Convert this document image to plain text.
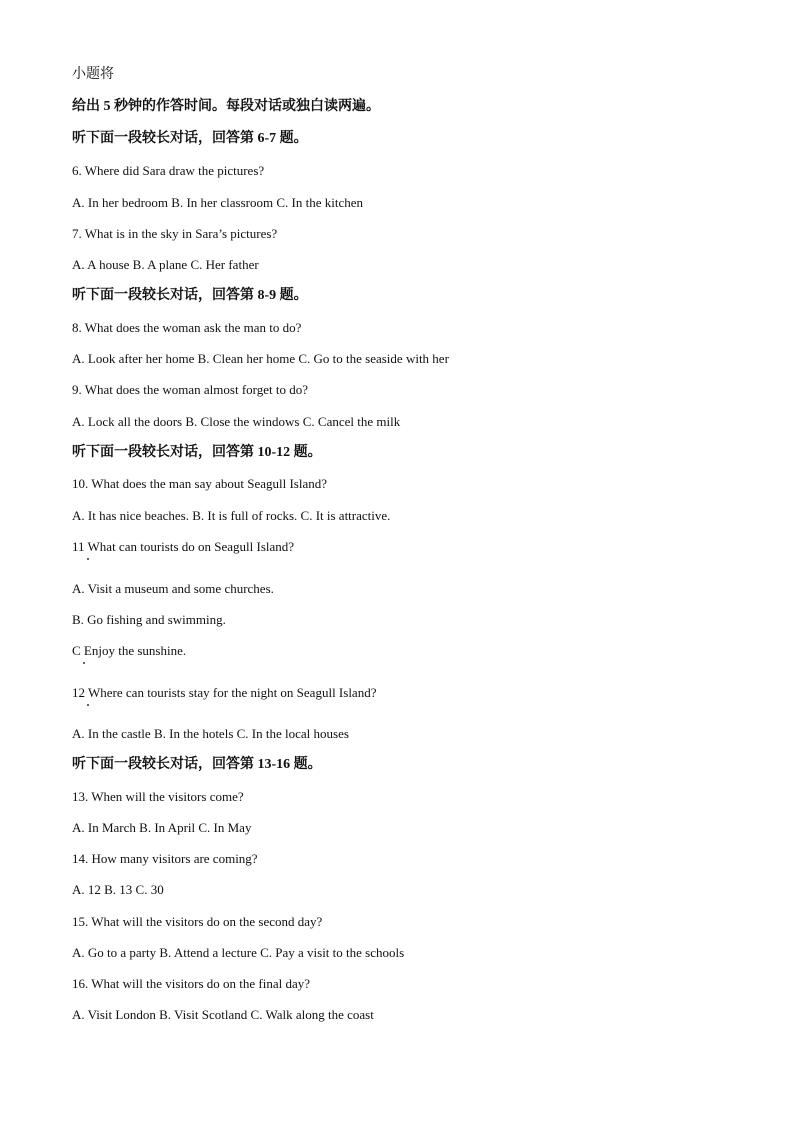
小题将
给出 5 秒钟的作答时间。每段对话或独白读两遍。
听下面一段较长对话，回答第 6-7 题。
6. Where did Sara draw the pictures?
A. In her bedroom B. In her classroom C. In the kitchen
7. What is in the sky in Sara’s pictures?
A. A house B. A plane C. Her father
听下面一段较长对话，回答第 8-9 题。
8. What does the woman ask the man to do?
A. Look after her home B. Clean her home C. Go to the seaside with her
9. What does the woman almost forget to do?
A. Lock all the doors B. Close the windows C. Cancel the milk
听下面一段较长对话，回答第 10-12 题。
10. What does the man say about Seagull Island?
A. It has nice beaches. B. It is full of rocks. C. It is attractive.
11 What can tourists do on Seagull Island?
A. Visit a museum and some churches.
B. Go fishing and swimming.
C Enjoy the sunshine.
12 Where can tourists stay for the night on Seagull Island?
A. In the castle B. In the hotels C. In the local houses
听下面一段较长对话，回答第 13-16 题。
13. When will the visitors come?
A. In March B. In April C. In May
14. How many visitors are coming?
A. 12 B. 13 C. 30
15. What will the visitors do on the second day?
A. Go to a party B. Attend a lecture C. Pay a visit to the schools
16. What will the visitors do on the final day?
A. Visit London B. Visit Scotland C. Walk along the coast
